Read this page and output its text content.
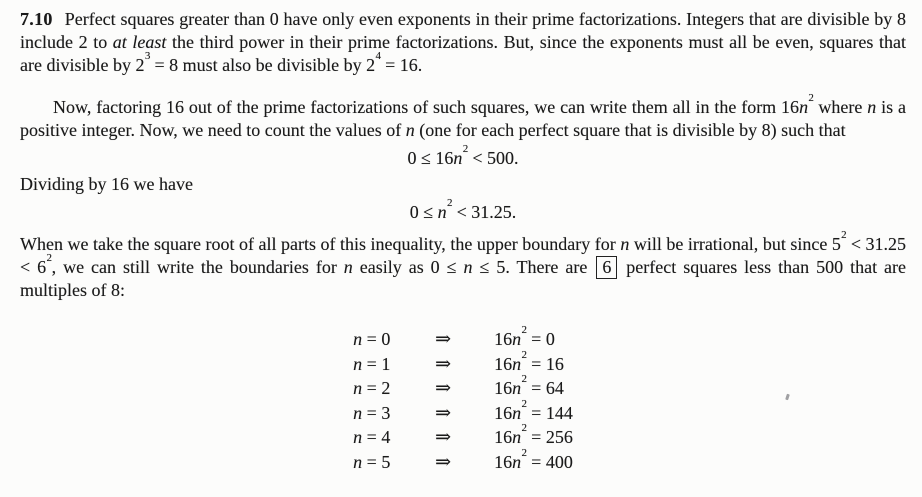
7.10 Perfect squares greater than 0 have only even exponents in their prime factorizations. Integers that are divisible by 8 include 2 to at least the third power in their prime factorizations. But, since the exponents must all be even, squares that are divisible by $2^3 = 8$ must also be divisible by $2^4 = 16$.

Now, factoring 16 out of the prime factorizations of such squares, we can write them all in the form $16n^2$ where n is a positive integer. Now, we need to count the values of n (one for each perfect square that is divisible by 8) such that

$0 \le 16n^2 < 500$.

Dividing by 16 we have

$0 \le n^2 < 31.25$.

When we take the square root of all parts of this inequality, the upper boundary for n will be irrational, but since $5^2 < 31.25 < 6^2$, we can still write the boundaries for n easily as 0 ≤ n ≤ 5. There are 6 perfect squares less than 500 that are multiples of 8:

n = 0	⇒	$16n^2 = 0$
n = 1	⇒	$16n^2 = 16$
n = 2	⇒	$16n^2 = 64$
n = 3	⇒	$16n^2 = 144$
n = 4	⇒	$16n^2 = 256$
n = 5	⇒	$16n^2 = 400$
